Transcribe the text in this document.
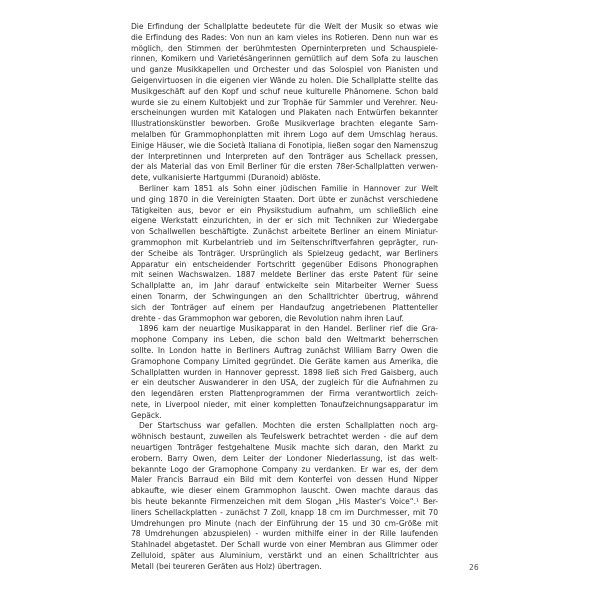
Die Erfindung der Schallplatte bedeutete für die Welt der Musik so etwas wie
die Erfindung des Rades: Von nun an kam vieles ins Rotieren. Denn nun war es
möglich, den Stimmen der berühmtesten Operninterpreten und Schauspiele-
rinnen, Komikern und Varietésängerinnen gemütlich auf dem Sofa zu lauschen
und ganze Musikkapellen und Orchester und das Solospiel von Pianisten und
Geigenvirtuosen in die eigenen vier Wände zu holen. Die Schallplatte stellte das
Musikgeschäft auf den Kopf und schuf neue kulturelle Phänomene. Schon bald
wurde sie zu einem Kultobjekt und zur Trophäe für Sammler und Verehrer. Neu-
erscheinungen wurden mit Katalogen und Plakaten nach Entwürfen bekannter
Illustrationskünstler beworben. Große Musikverlage brachten elegante Sam-
melalben für Grammophonplatten mit ihrem Logo auf dem Umschlag heraus.
Einige Häuser, wie die Società Italiana di Fonotipia, ließen sogar den Namenszug
der Interpretinnen und Interpreten auf den Tonträger aus Schellack pressen,
der als Material das von Emil Berliner für die ersten 78er-Schallplatten verwen-
dete, vulkanisierte Hartgummi (Duranoid) ablöste.
Berliner kam 1851 als Sohn einer jüdischen Familie in Hannover zur Welt
und ging 1870 in die Vereinigten Staaten. Dort übte er zunächst verschiedene
Tätigkeiten aus, bevor er ein Physikstudium aufnahm, um schließlich eine
eigene Werkstatt einzurichten, in der er sich mit Techniken zur Wiedergabe
von Schallwellen beschäftigte. Zunächst arbeitete Berliner an einem Miniatur-
grammophon mit Kurbelantrieb und im Seitenschriftverfahren geprägter, run-
der Scheibe als Tonträger. Ursprünglich als Spielzeug gedacht, war Berliners
Apparatur ein entscheidender Fortschritt gegenüber Edisons Phonographen
mit seinen Wachswalzen. 1887 meldete Berliner das erste Patent für seine
Schallplatte an, im Jahr darauf entwickelte sein Mitarbeiter Werner Suess
einen Tonarm, der Schwingungen an den Schalltrichter übertrug, während
sich der Tonträger auf einem per Handaufzug angetriebenen Plattenteller
drehte - das Grammophon war geboren, die Revolution nahm ihren Lauf.
1896 kam der neuartige Musikapparat in den Handel. Berliner rief die Gra-
mophone Company ins Leben, die schon bald den Weltmarkt beherrschen
sollte. In London hatte in Berliners Auftrag zunächst William Barry Owen die
Gramophone Company Limited gegründet. Die Geräte kamen aus Amerika, die
Schallplatten wurden in Hannover gepresst. 1898 ließ sich Fred Gaisberg, auch
er ein deutscher Auswanderer in den USA, der zugleich für die Aufnahmen zu
den legendären ersten Plattenprogrammen der Firma verantwortlich zeich-
nete, in Liverpool nieder, mit einer kompletten Tonaufzeichnungsapparatur im
Gepäck.
Der Startschuss war gefallen. Mochten die ersten Schallplatten noch arg-
wöhnisch bestaunt, zuweilen als Teufelswerk betrachtet werden - die auf dem
neuartigen Tonträger festgehaltene Musik machte sich daran, den Markt zu
erobern. Barry Owen, dem Leiter der Londoner Niederlassung, ist das welt-
bekannte Logo der Gramophone Company zu verdanken. Er war es, der dem
Maler Francis Barraud ein Bild mit dem Konterfei von dessen Hund Nipper
abkaufte, wie dieser einem Grammophon lauscht. Owen machte daraus das
bis heute bekannte Firmenzeichen mit dem Slogan „His Master's Voice“.¹ Ber-
liners Schellackplatten - zunächst 7 Zoll, knapp 18 cm im Durchmesser, mit 70
Umdrehungen pro Minute (nach der Einführung der 15 und 30 cm-Größe mit
78 Umdrehungen abzuspielen) - wurden mithilfe einer in der Rille laufenden
Stahlnadel abgetastet. Der Schall wurde von einer Membran aus Glimmer oder
Zelluloid, später aus Aluminium, verstärkt und an einen Schalltrichter aus
Metall (bei teureren Geräten aus Holz) übertragen.	26
